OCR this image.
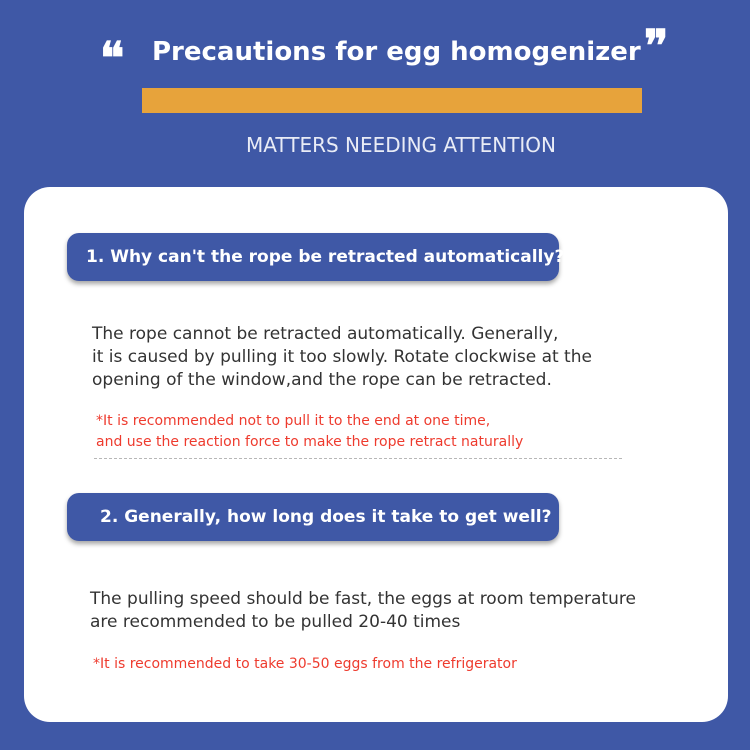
❛❛ Precautions for egg homogenizer ❜❜
MATTERS NEEDING ATTENTION
1. Why can't the rope be retracted automatically?
The rope cannot be retracted automatically. Generally,
it is caused by pulling it too slowly. Rotate clockwise at the
opening of the window,and the rope can be retracted.
*It is recommended not to pull it to the end at one time,
and use the reaction force to make the rope retract naturally
2. Generally, how long does it take to get well?
The pulling speed should be fast, the eggs at room temperature
are recommended to be pulled 20-40 times
*It is recommended to take 30-50 eggs from the refrigerator
